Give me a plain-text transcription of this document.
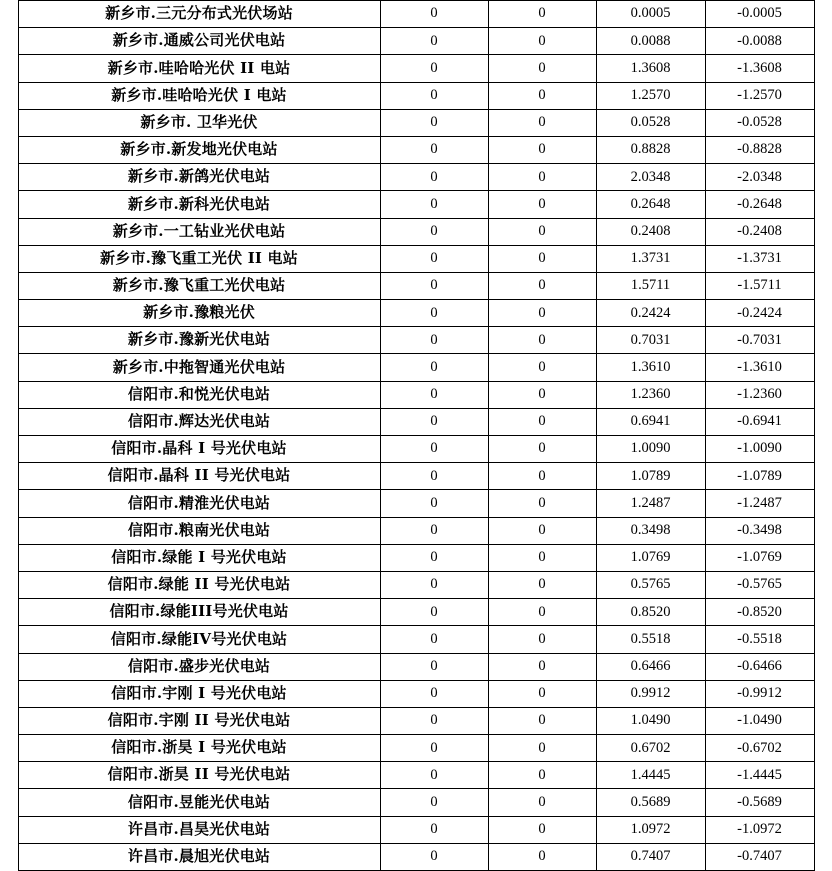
新乡市.三元分布式光伏场站	0	0	0.0005	-0.0005
新乡市.通威公司光伏电站	0	0	0.0088	-0.0088
新乡市.哇哈哈光伏 II 电站	0	0	1.3608	-1.3608
新乡市.哇哈哈光伏 I 电站	0	0	1.2570	-1.2570
新乡市. 卫华光伏	0	0	0.0528	-0.0528
新乡市.新发地光伏电站	0	0	0.8828	-0.8828
新乡市.新鸽光伏电站	0	0	2.0348	-2.0348
新乡市.新科光伏电站	0	0	0.2648	-0.2648
新乡市.一工钻业光伏电站	0	0	0.2408	-0.2408
新乡市.豫飞重工光伏 II 电站	0	0	1.3731	-1.3731
新乡市.豫飞重工光伏电站	0	0	1.5711	-1.5711
新乡市.豫粮光伏	0	0	0.2424	-0.2424
新乡市.豫新光伏电站	0	0	0.7031	-0.7031
新乡市.中拖智通光伏电站	0	0	1.3610	-1.3610
信阳市.和悦光伏电站	0	0	1.2360	-1.2360
信阳市.辉达光伏电站	0	0	0.6941	-0.6941
信阳市.晶科 I 号光伏电站	0	0	1.0090	-1.0090
信阳市.晶科 II 号光伏电站	0	0	1.0789	-1.0789
信阳市.精淮光伏电站	0	0	1.2487	-1.2487
信阳市.粮南光伏电站	0	0	0.3498	-0.3498
信阳市.绿能 I 号光伏电站	0	0	1.0769	-1.0769
信阳市.绿能 II 号光伏电站	0	0	0.5765	-0.5765
信阳市.绿能III号光伏电站	0	0	0.8520	-0.8520
信阳市.绿能IV号光伏电站	0	0	0.5518	-0.5518
信阳市.盛步光伏电站	0	0	0.6466	-0.6466
信阳市.宇刚 I 号光伏电站	0	0	0.9912	-0.9912
信阳市.宇刚 II 号光伏电站	0	0	1.0490	-1.0490
信阳市.浙昊 I 号光伏电站	0	0	0.6702	-0.6702
信阳市.浙昊 II 号光伏电站	0	0	1.4445	-1.4445
信阳市.昱能光伏电站	0	0	0.5689	-0.5689
许昌市.昌昊光伏电站	0	0	1.0972	-1.0972
许昌市.晨旭光伏电站	0	0	0.7407	-0.7407
